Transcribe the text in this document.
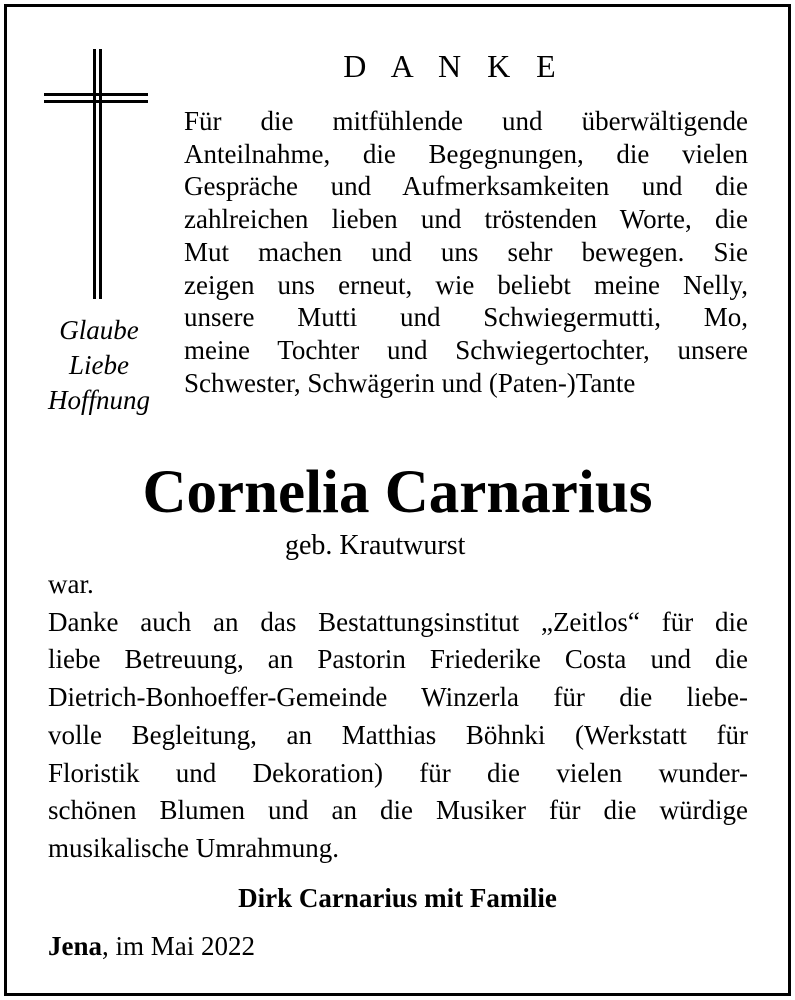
Glaube
Liebe
Hoffnung
D A N K E
Für die mitfühlende und überwältigende
Anteilnahme, die Begegnungen, die vielen
Gespräche und Aufmerksamkeiten und die
zahlreichen lieben und tröstenden Worte, die
Mut machen und uns sehr bewegen. Sie
zeigen uns erneut, wie beliebt meine Nelly,
unsere Mutti und Schwiegermutti, Mo,
meine Tochter und Schwiegertochter, unsere
Schwester, Schwägerin und (Paten-)Tante
Cornelia Carnarius
geb. Krautwurst
war.
Danke auch an das Bestattungsinstitut „Zeitlos“ für die
liebe Betreuung, an Pastorin Friederike Costa und die
Dietrich-Bonhoeffer-Gemeinde Winzerla für die liebe-
volle Begleitung, an Matthias Böhnki (Werkstatt für
Floristik und Dekoration) für die vielen wunder-
schönen Blumen und an die Musiker für die würdige
musikalische Umrahmung.
Dirk Carnarius mit Familie
Jena, im Mai 2022
